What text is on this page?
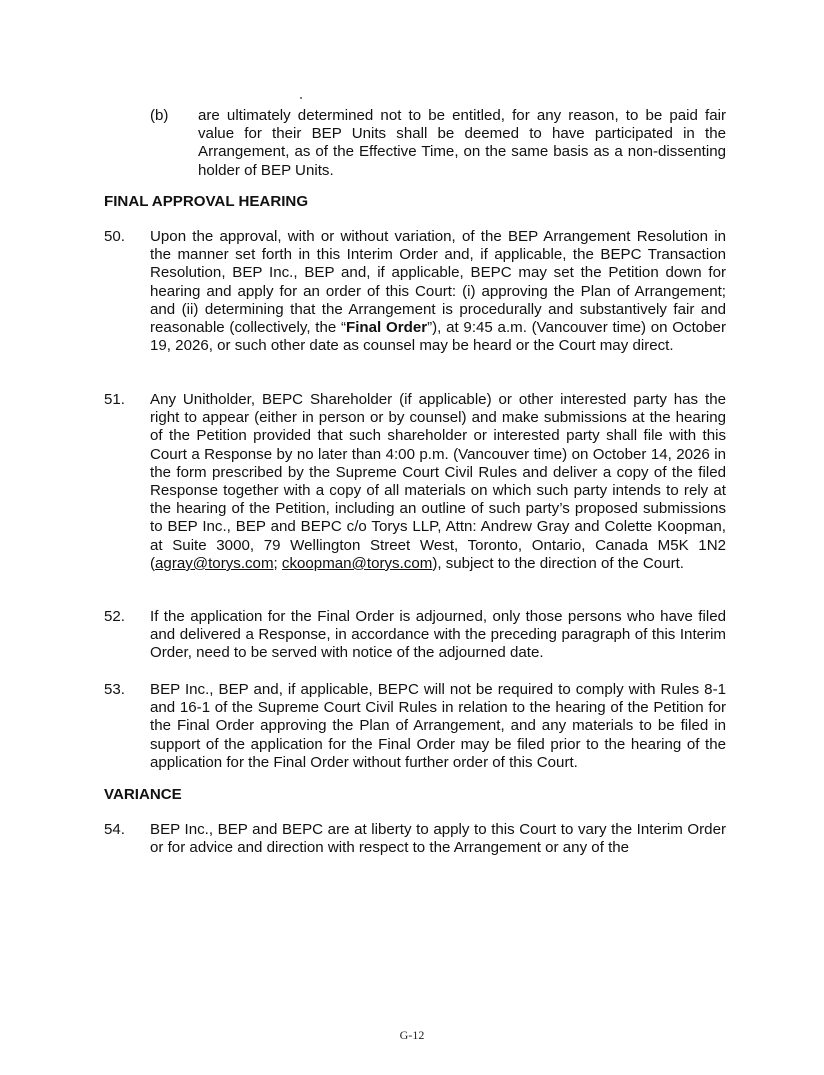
(b) are ultimately determined not to be entitled, for any reason, to be paid fair value for their BEP Units shall be deemed to have participated in the Arrangement, as of the Effective Time, on the same basis as a non-dissenting holder of BEP Units.
FINAL APPROVAL HEARING
50. Upon the approval, with or without variation, of the BEP Arrangement Resolution in the manner set forth in this Interim Order and, if applicable, the BEPC Transaction Resolution, BEP Inc., BEP and, if applicable, BEPC may set the Petition down for hearing and apply for an order of this Court: (i) approving the Plan of Arrangement; and (ii) determining that the Arrangement is procedurally and substantively fair and reasonable (collectively, the “Final Order”), at 9:45 a.m. (Vancouver time) on October 19, 2026, or such other date as counsel may be heard or the Court may direct.
51. Any Unitholder, BEPC Shareholder (if applicable) or other interested party has the right to appear (either in person or by counsel) and make submissions at the hearing of the Petition provided that such shareholder or interested party shall file with this Court a Response by no later than 4:00 p.m. (Vancouver time) on October 14, 2026 in the form prescribed by the Supreme Court Civil Rules and deliver a copy of the filed Response together with a copy of all materials on which such party intends to rely at the hearing of the Petition, including an outline of such party’s proposed submissions to BEP Inc., BEP and BEPC c/o Torys LLP, Attn: Andrew Gray and Colette Koopman, at Suite 3000, 79 Wellington Street West, Toronto, Ontario, Canada M5K 1N2 (agray@torys.com; ckoopman@torys.com), subject to the direction of the Court.
52. If the application for the Final Order is adjourned, only those persons who have filed and delivered a Response, in accordance with the preceding paragraph of this Interim Order, need to be served with notice of the adjourned date.
53. BEP Inc., BEP and, if applicable, BEPC will not be required to comply with Rules 8-1 and 16-1 of the Supreme Court Civil Rules in relation to the hearing of the Petition for the Final Order approving the Plan of Arrangement, and any materials to be filed in support of the application for the Final Order may be filed prior to the hearing of the application for the Final Order without further order of this Court.
VARIANCE
54. BEP Inc., BEP and BEPC are at liberty to apply to this Court to vary the Interim Order or for advice and direction with respect to the Arrangement or any of the
G-12
